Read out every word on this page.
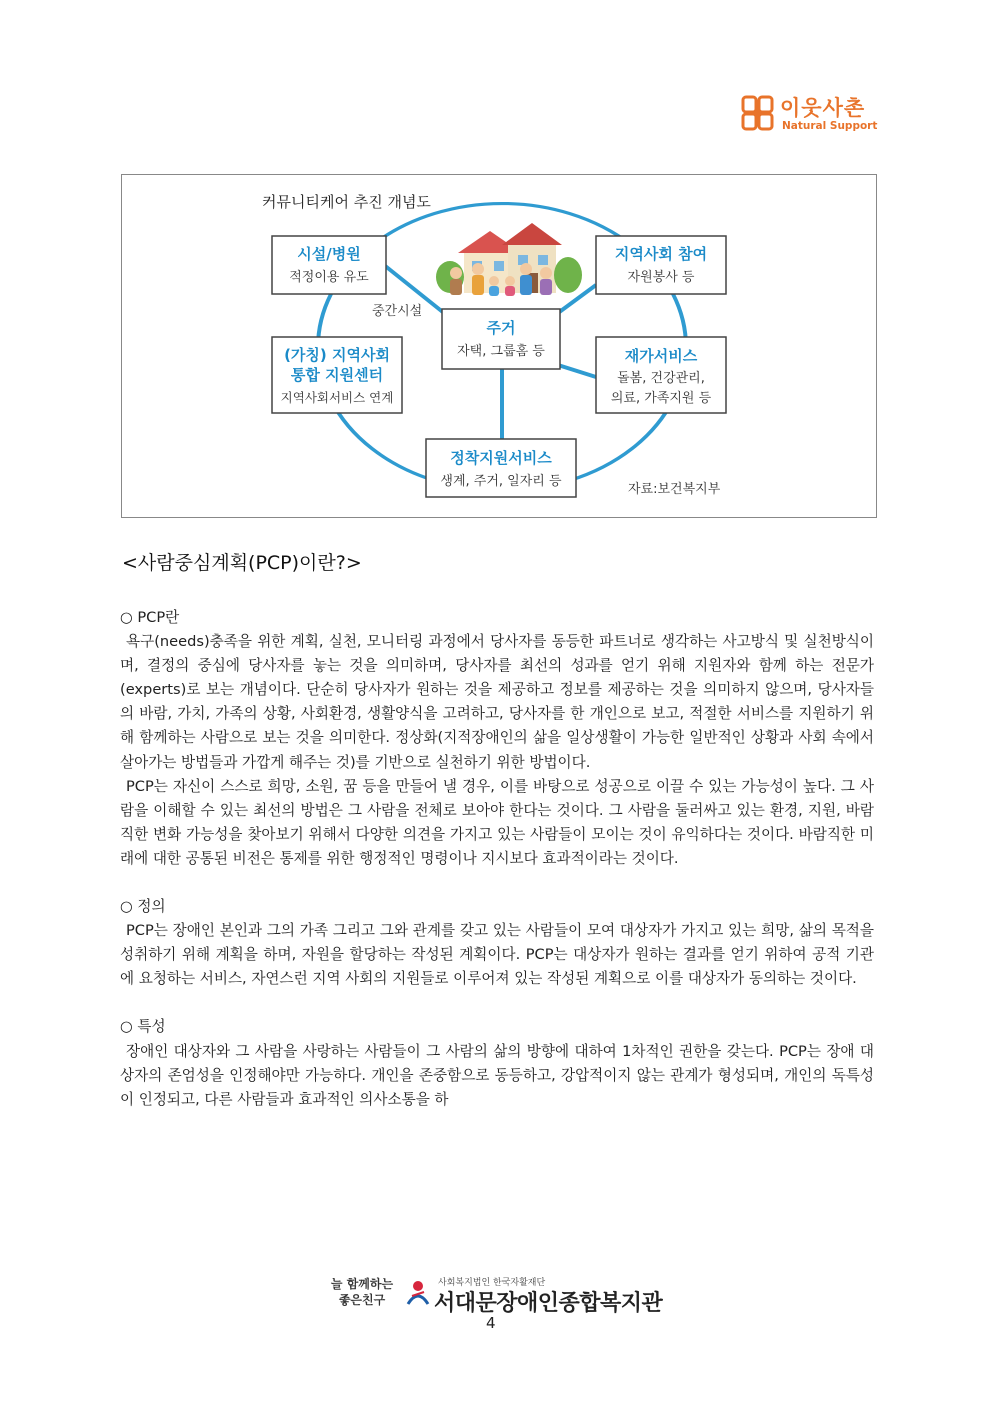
이웃사촌
Natural Support
커뮤니티케어 추진 개념도
시설/병원
적정이용 유도
지역사회 참여
자원봉사 등
중간시설
주거
자택, 그룹홈 등
(가칭) 지역사회
통합 지원센터
지역사회서비스 연계
재가서비스
돌봄, 건강관리,
의료, 가족지원 등
정착지원서비스
생계, 주거, 일자리 등
자료:보건복지부
<사람중심계획(PCP)이란?>

○ PCP란

욕구(needs)충족을 위한 계획, 실천, 모니터링 과정에서 당사자를 동등한 파트너로 생각하는 사고방식 및 실천방식이며, 결정의 중심에 당사자를 놓는 것을 의미하며, 당사자를 최선의 성과를 얻기 위해 지원자와 함께 하는 전문가(experts)로 보는 개념이다. 단순히 당사자가 원하는 것을 제공하고 정보를 제공하는 것을 의미하지 않으며, 당사자들의 바람, 가치, 가족의 상황, 사회환경, 생활양식을 고려하고, 당사자를 한 개인으로 보고, 적절한 서비스를 지원하기 위해 함께하는 사람으로 보는 것을 의미한다. 정상화(지적장애인의 삶을 일상생활이 가능한 일반적인 상황과 사회 속에서 살아가는 방법들과 가깝게 해주는 것)를 기반으로 실천하기 위한 방법이다.

PCP는 자신이 스스로 희망, 소원, 꿈 등을 만들어 낼 경우, 이를 바탕으로 성공으로 이끌 수 있는 가능성이 높다. 그 사람을 이해할 수 있는 최선의 방법은 그 사람을 전체로 보아야 한다는 것이다. 그 사람을 둘러싸고 있는 환경, 지원, 바람직한 변화 가능성을 찾아보기 위해서 다양한 의견을 가지고 있는 사람들이 모이는 것이 유익하다는 것이다. 바람직한 미래에 대한 공통된 비전은 통제를 위한 행정적인 명령이나 지시보다 효과적이라는 것이다.

○ 정의

PCP는 장애인 본인과 그의 가족 그리고 그와 관계를 갖고 있는 사람들이 모여 대상자가 가지고 있는 희망, 삶의 목적을 성취하기 위해 계획을 하며, 자원을 할당하는 작성된 계획이다. PCP는 대상자가 원하는 결과를 얻기 위하여 공적 기관에 요청하는 서비스, 자연스런 지역 사회의 지원들로 이루어져 있는 작성된 계획으로 이를 대상자가 동의하는 것이다.

○ 특성

장애인 대상자와 그 사람을 사랑하는 사람들이 그 사람의 삶의 방향에 대하여 1차적인 권한을 갖는다. PCP는 장애 대상자의 존엄성을 인정해야만 가능하다. 개인을 존중함으로 동등하고, 강압적이지 않는 관계가 형성되며, 개인의 독특성이 인정되고, 다른 사람들과 효과적인 의사소통을 하

늘 함께하는
좋은친구
사회복지법인 한국자활재단
서대문장애인종합복지관
4
